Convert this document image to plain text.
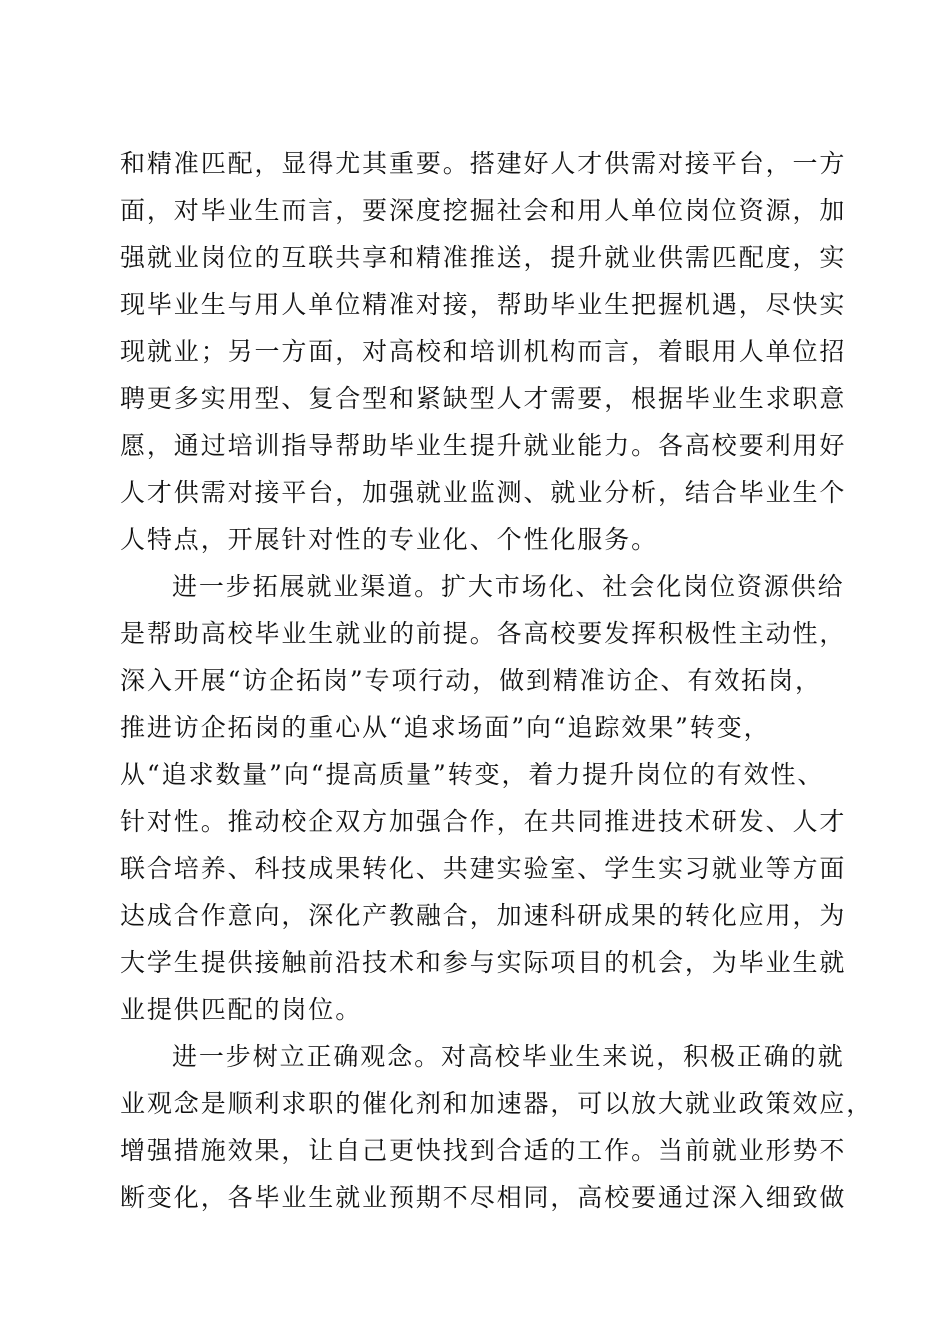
和精准匹配，显得尤其重要。搭建好人才供需对接平台，一方
面，对毕业生而言，要深度挖掘社会和用人单位岗位资源，加
强就业岗位的互联共享和精准推送，提升就业供需匹配度，实
现毕业生与用人单位精准对接，帮助毕业生把握机遇，尽快实
现就业；另一方面，对高校和培训机构而言，着眼用人单位招
聘更多实用型、复合型和紧缺型人才需要，根据毕业生求职意
愿，通过培训指导帮助毕业生提升就业能力。各高校要利用好
人才供需对接平台，加强就业监测、就业分析，结合毕业生个
人特点，开展针对性的专业化、个性化服务。
进一步拓展就业渠道。扩大市场化、社会化岗位资源供给
是帮助高校毕业生就业的前提。各高校要发挥积极性主动性，
深入开展“访企拓岗”专项行动，做到精准访企、有效拓岗，
推进访企拓岗的重心从“追求场面”向“追踪效果”转变，
从“追求数量”向“提高质量”转变，着力提升岗位的有效性、
针对性。推动校企双方加强合作，在共同推进技术研发、人才
联合培养、科技成果转化、共建实验室、学生实习就业等方面
达成合作意向，深化产教融合，加速科研成果的转化应用，为
大学生提供接触前沿技术和参与实际项目的机会，为毕业生就
业提供匹配的岗位。
进一步树立正确观念。对高校毕业生来说，积极正确的就
业观念是顺利求职的催化剂和加速器，可以放大就业政策效应，
增强措施效果，让自己更快找到合适的工作。当前就业形势不
断变化，各毕业生就业预期不尽相同，高校要通过深入细致做
